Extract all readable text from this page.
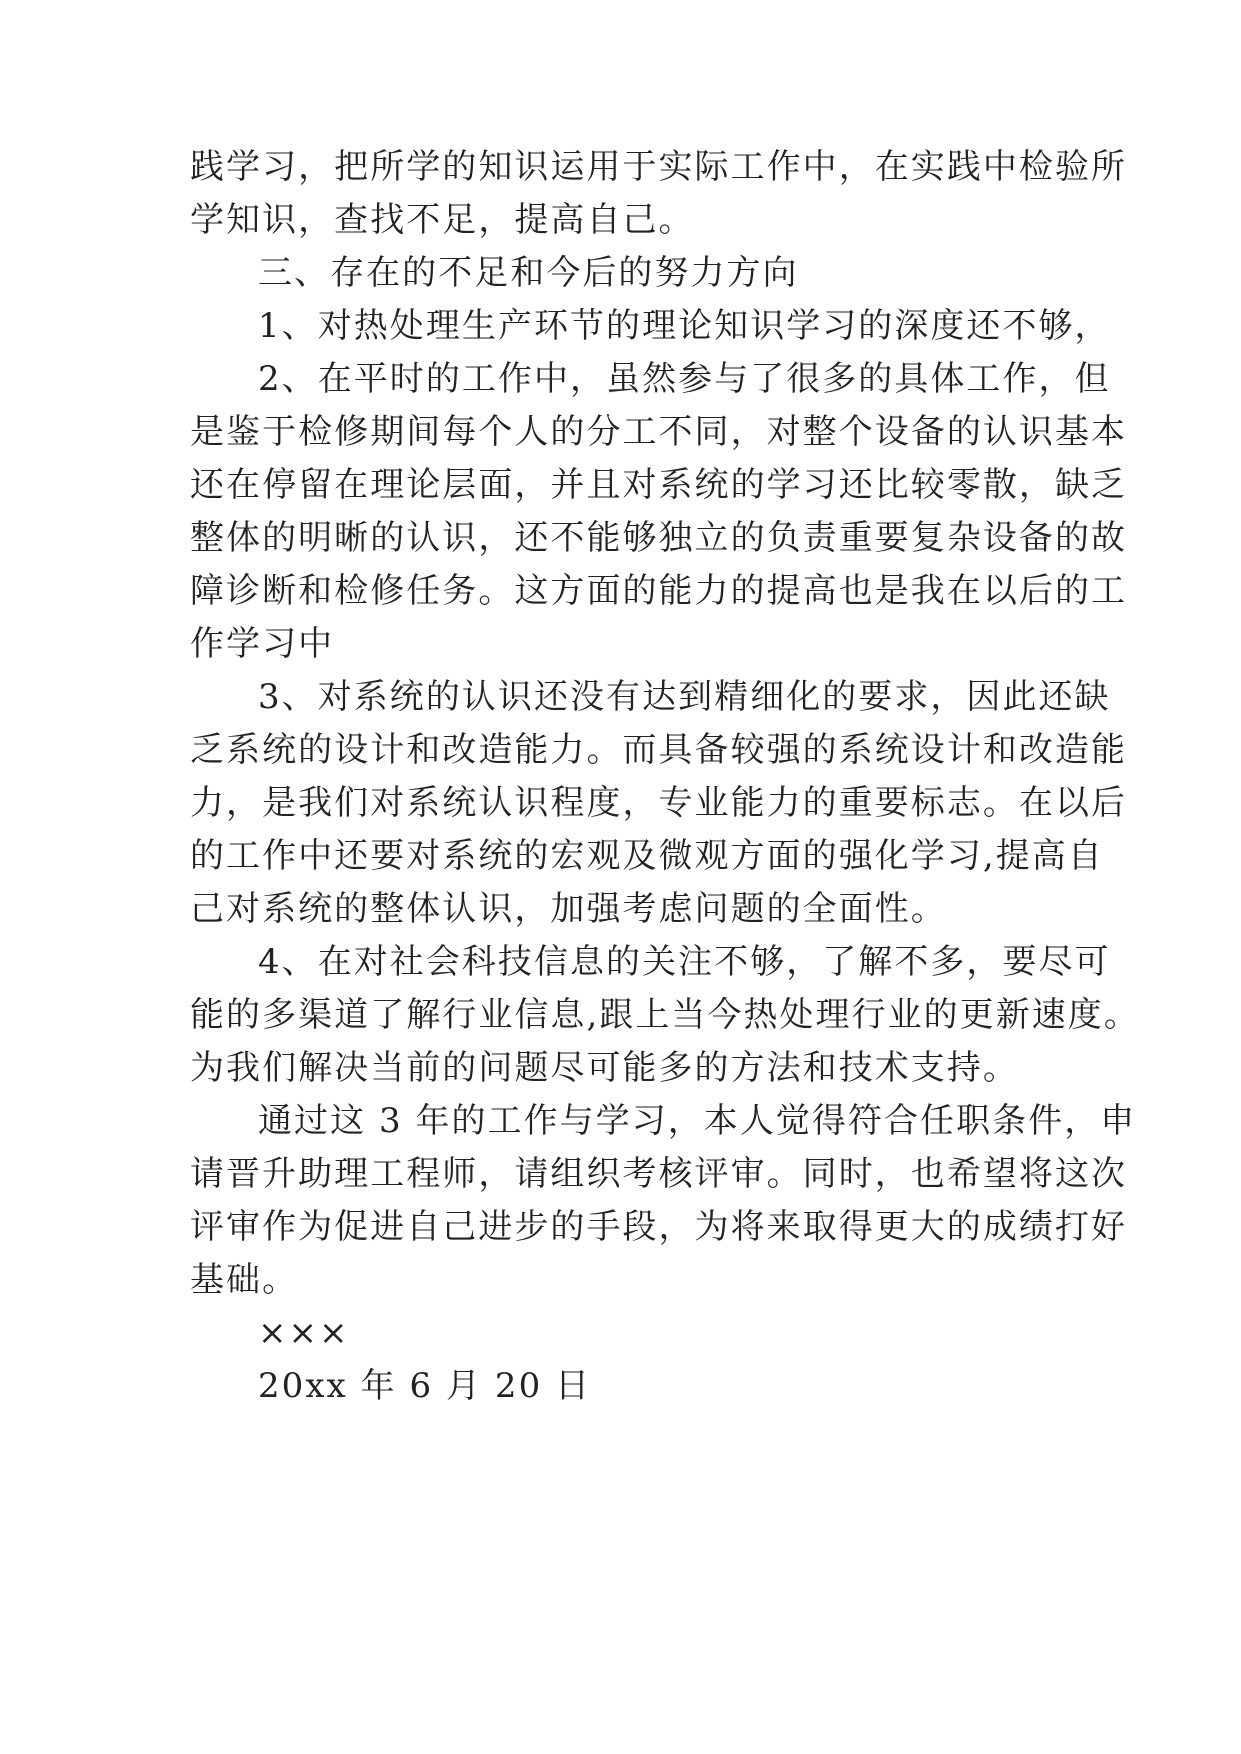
践学习，把所学的知识运用于实际工作中，在实践中检验所
学知识，查找不足，提高自己。
三、存在的不足和今后的努力方向
1、对热处理生产环节的理论知识学习的深度还不够，
2、在平时的工作中，虽然参与了很多的具体工作，但
是鉴于检修期间每个人的分工不同，对整个设备的认识基本
还在停留在理论层面，并且对系统的学习还比较零散，缺乏
整体的明晰的认识，还不能够独立的负责重要复杂设备的故
障诊断和检修任务。这方面的能力的提高也是我在以后的工
作学习中
3、对系统的认识还没有达到精细化的要求，因此还缺
乏系统的设计和改造能力。而具备较强的系统设计和改造能
力，是我们对系统认识程度，专业能力的重要标志。在以后
的工作中还要对系统的宏观及微观方面的强化学习,提高自
己对系统的整体认识，加强考虑问题的全面性。
4、在对社会科技信息的关注不够，了解不多，要尽可
能的多渠道了解行业信息,跟上当今热处理行业的更新速度。
为我们解决当前的问题尽可能多的方法和技术支持。
通过这 3 年的工作与学习，本人觉得符合任职条件，申
请晋升助理工程师，请组织考核评审。同时，也希望将这次
评审作为促进自己进步的手段，为将来取得更大的成绩打好
基础。
×××
20xx 年 6 月 20 日
